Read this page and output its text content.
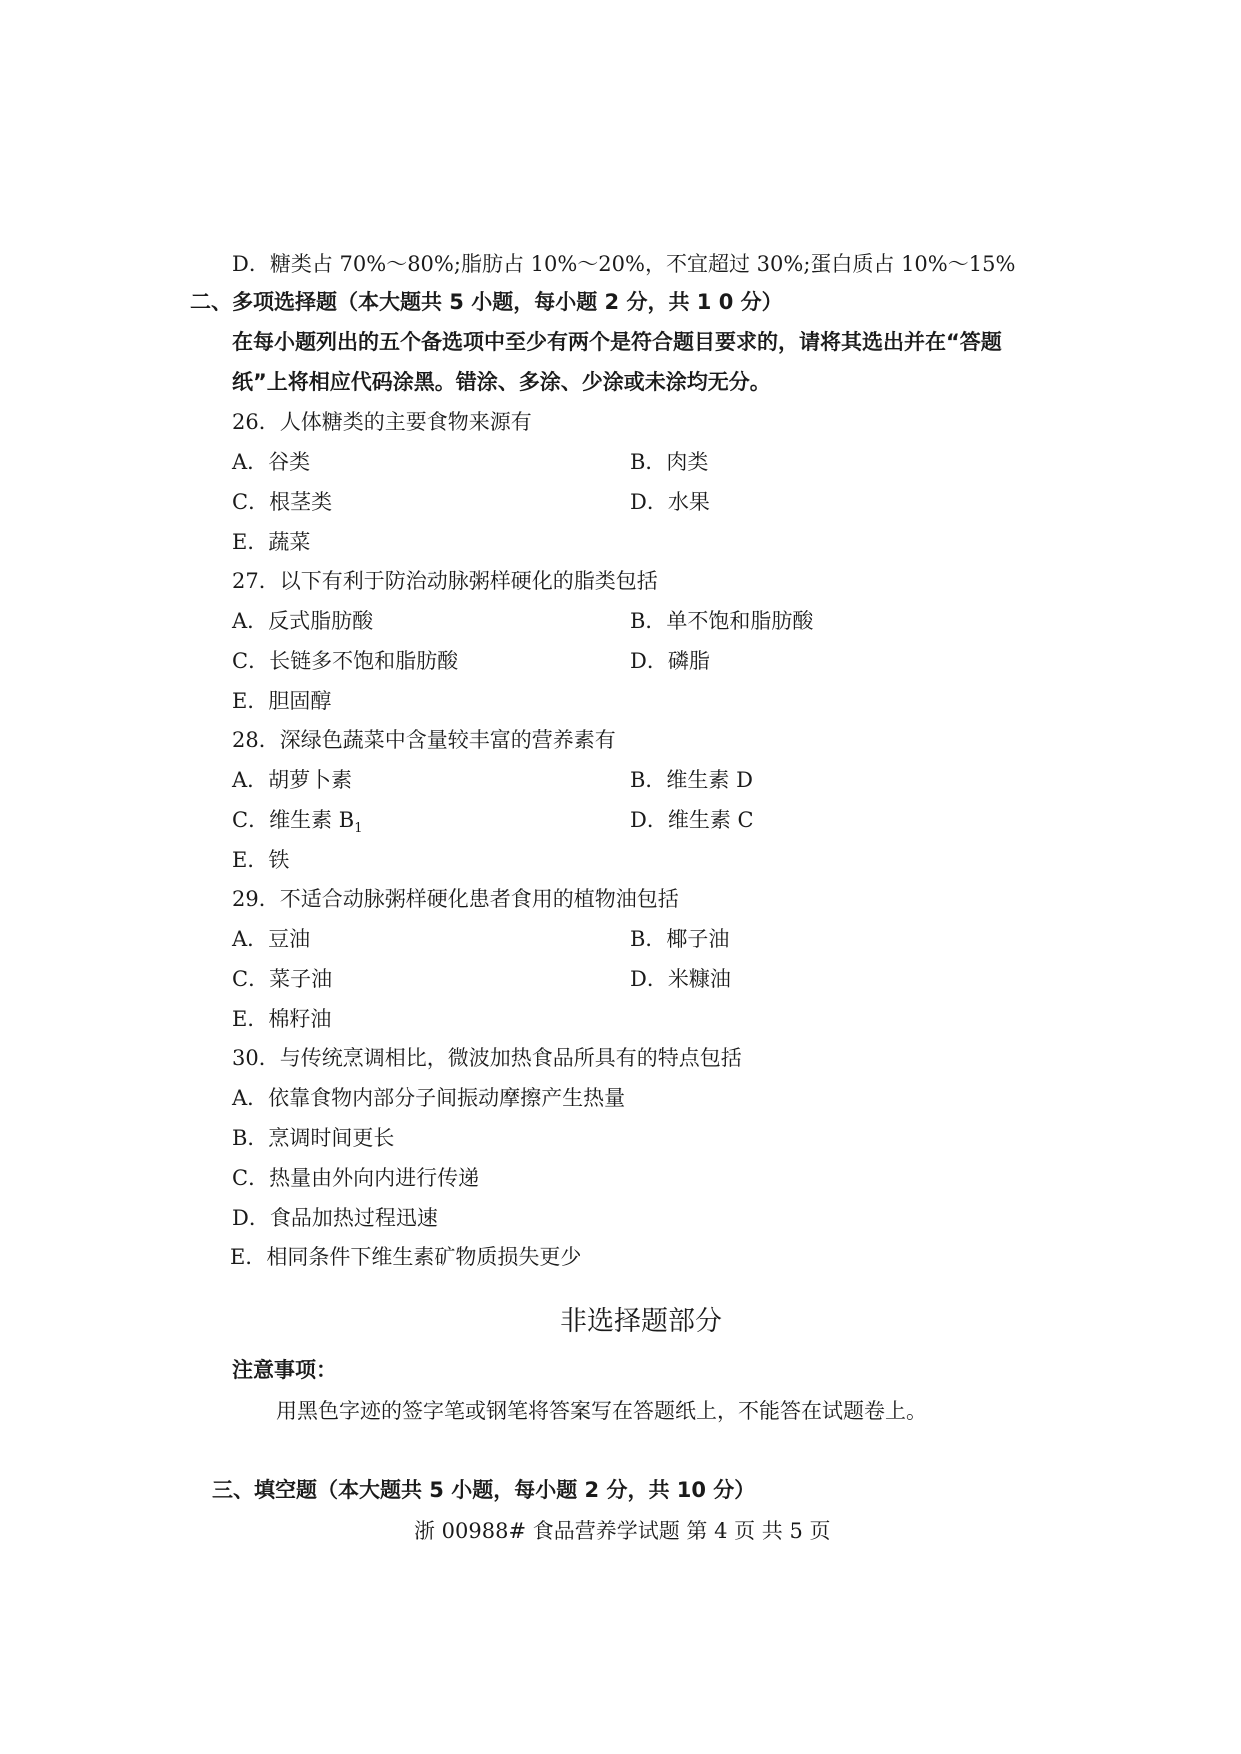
D．糖类占 70%～80%;脂肪占 10%～20%，不宜超过 30%;蛋白质占 10%～15%
二、多项选择题（本大题共 5 小题，每小题 2 分，共 1 0 分）
在每小题列出的五个备选项中至少有两个是符合题目要求的，请将其选出并在“答题
纸”上将相应代码涂黑。错涂、多涂、少涂或未涂均无分。
26．人体糖类的主要食物来源有
A．谷类	B．肉类
C．根茎类	D．水果
E．蔬菜
27．以下有利于防治动脉粥样硬化的脂类包括
A．反式脂肪酸	B．单不饱和脂肪酸
C．长链多不饱和脂肪酸	D．磷脂
E．胆固醇
28．深绿色蔬菜中含量较丰富的营养素有
A．胡萝卜素	B．维生素 D
C．维生素 $B_1$	D．维生素 C
E．铁
29．不适合动脉粥样硬化患者食用的植物油包括
A．豆油	B．椰子油
C．菜子油	D．米糠油
E．棉籽油
30．与传统烹调相比，微波加热食品所具有的特点包括
A．依靠食物内部分子间振动摩擦产生热量
B．烹调时间更长
C．热量由外向内进行传递
D．食品加热过程迅速
E．相同条件下维生素矿物质损失更少
非选择题部分
注意事项：
用黑色字迹的签字笔或钢笔将答案写在答题纸上，不能答在试题卷上。
三、填空题（本大题共 5 小题，每小题 2 分，共 10 分）
浙 00988# 食品营养学试题 第 4 页 共 5 页
